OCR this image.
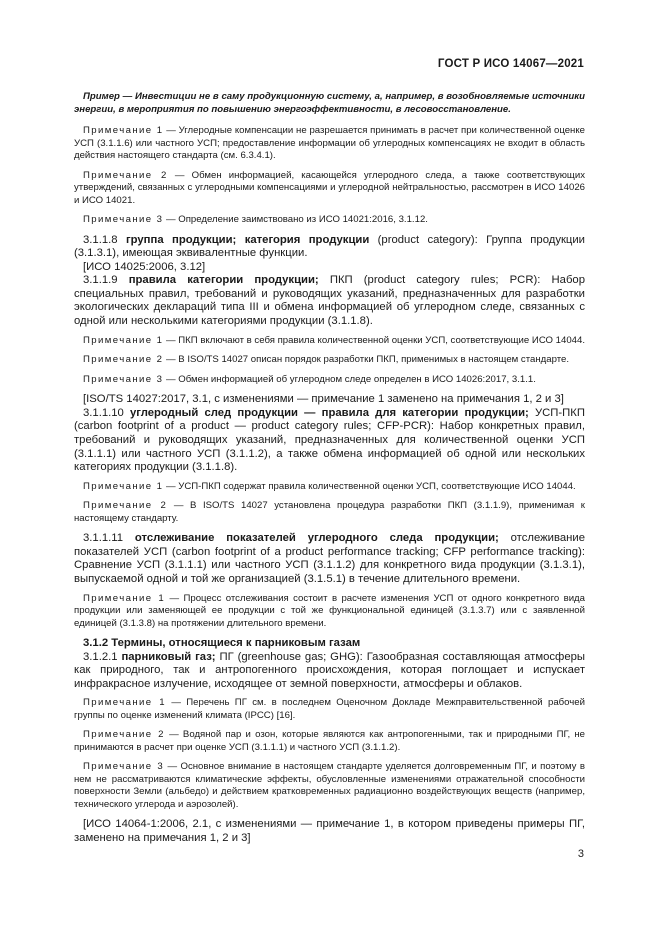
ГОСТ Р ИСО 14067—2021

Пример — Инвестиции не в саму продукционную систему, а, например, в возобновляемые источники энергии, в мероприятия по повышению энергоэффективности, в лесовосстановление.

Примечание 1 — Углеродные компенсации не разрешается принимать в расчет при количественной оценке УСП (3.1.1.6) или частного УСП; предоставление информации об углеродных компенсациях не входит в область действия настоящего стандарта (см. 6.3.4.1).

Примечание 2 — Обмен информацией, касающейся углеродного следа, а также соответствующих утверждений, связанных с углеродными компенсациями и углеродной нейтральностью, рассмотрен в ИСО 14026 и ИСО 14021.

Примечание 3 — Определение заимствовано из ИСО 14021:2016, 3.1.12.

3.1.1.8 группа продукции; категория продукции (product category): Группа продукции (3.1.3.1), имеющая эквивалентные функции.

[ИСО 14025:2006, 3.12]

3.1.1.9 правила категории продукции; ПКП (product category rules; PCR): Набор специальных правил, требований и руководящих указаний, предназначенных для разработки экологических деклараций типа III и обмена информацией об углеродном следе, связанных с одной или несколькими категориями продукции (3.1.1.8).

Примечание 1 — ПКП включают в себя правила количественной оценки УСП, соответствующие ИСО 14044.

Примечание 2 — В ISO/TS 14027 описан порядок разработки ПКП, применимых в настоящем стандарте.

Примечание 3 — Обмен информацией об углеродном следе определен в ИСО 14026:2017, 3.1.1.

[ISO/TS 14027:2017, 3.1, с изменениями — примечание 1 заменено на примечания 1, 2 и 3]

3.1.1.10 углеродный след продукции — правила для категории продукции; УСП-ПКП (carbon footprint of a product — product category rules; CFP-PCR): Набор конкретных правил, требований и руководящих указаний, предназначенных для количественной оценки УСП (3.1.1.1) или частного УСП (3.1.1.2), а также обмена информацией об одной или нескольких категориях продукции (3.1.1.8).

Примечание 1 — УСП-ПКП содержат правила количественной оценки УСП, соответствующие ИСО 14044.

Примечание 2 — В ISO/TS 14027 установлена процедура разработки ПКП (3.1.1.9), применимая к настоящему стандарту.

3.1.1.11 отслеживание показателей углеродного следа продукции; отслеживание показателей УСП (carbon footprint of a product performance tracking; CFP performance tracking): Сравнение УСП (3.1.1.1) или частного УСП (3.1.1.2) для конкретного вида продукции (3.1.3.1), выпускаемой одной и той же организацией (3.1.5.1) в течение длительного времени.

Примечание 1 — Процесс отслеживания состоит в расчете изменения УСП от одного конкретного вида продукции или заменяющей ее продукции с той же функциональной единицей (3.1.3.7) или с заявленной единицей (3.1.3.8) на протяжении длительного времени.

3.1.2 Термины, относящиеся к парниковым газам

3.1.2.1 парниковый газ; ПГ (greenhouse gas; GHG): Газообразная составляющая атмосферы как природного, так и антропогенного происхождения, которая поглощает и испускает инфракрасное излучение, исходящее от земной поверхности, атмосферы и облаков.

Примечание 1 — Перечень ПГ см. в последнем Оценочном Докладе Межправительственной рабочей группы по оценке изменений климата (IPCC) [16].

Примечание 2 — Водяной пар и озон, которые являются как антропогенными, так и природными ПГ, не принимаются в расчет при оценке УСП (3.1.1.1) и частного УСП (3.1.1.2).

Примечание 3 — Основное внимание в настоящем стандарте уделяется долговременным ПГ, и поэтому в нем не рассматриваются климатические эффекты, обусловленные изменениями отражательной способности поверхности Земли (альбедо) и действием кратковременных радиационно воздействующих веществ (например, технического углерода и аэрозолей).

[ИСО 14064-1:2006, 2.1, с изменениями — примечание 1, в котором приведены примеры ПГ, заменено на примечания 1, 2 и 3]

3
